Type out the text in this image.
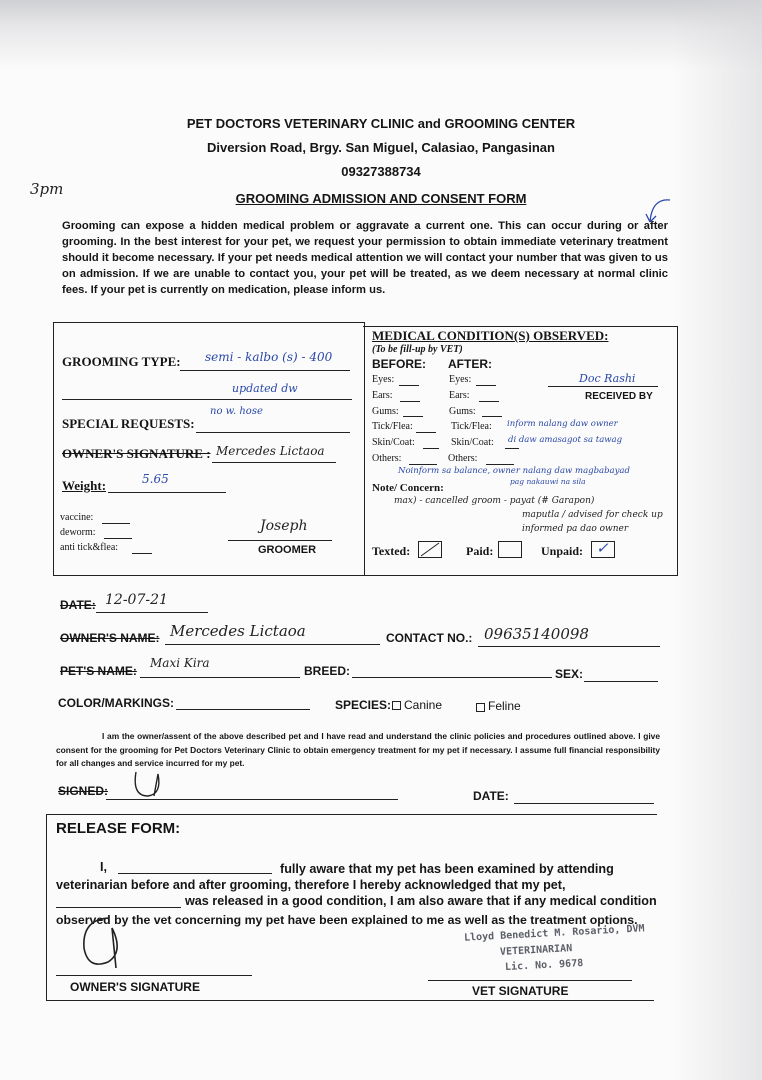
PET DOCTORS VETERINARY CLINIC and GROOMING CENTER
Diversion Road, Brgy. San Miguel, Calasiao, Pangasinan
09327388734
GROOMING ADMISSION AND CONSENT FORM
3pm
Grooming can expose a hidden medical problem or aggravate a current one. This can occur during or after grooming. In the best interest for your pet, we request your permission to obtain immediate veterinary treatment should it become necessary. If your pet needs medical attention we will contact your number that was given to us on admission. If we are unable to contact you, your pet will be treated, as we deem necessary at normal clinic fees. If your pet is currently on medication, please inform us.
GROOMING TYPE: semi - kalbo (s) - 400
updated dw
SPECIAL REQUESTS:
no w. hose
OWNER'S SIGNATURE : Mercedes Lictaoa
Weight:	5.65
vaccine:
deworm:
anti tick&flea:
Joseph
GROOMER
MEDICAL CONDITION(S) OBSERVED:
(To be fill-up by VET)
BEFORE: AFTER:
Eyes:	Eyes:
Ears:	Ears:
Gums:	Gums:
Tick/Flea:	Tick/Flea:
Skin/Coat:	Skin/Coat:
Others:	Others:
Doc Rashi
RECEIVED BY
inform nalang daw owner
di daw amasagot sa tawag
Noinform sa balance, owner nalang daw magbabayad
pag nakauwi na sila
Note/ Concern:
max) - cancelled groom - payat (# Garapon)
maputla / advised for check up
informed pa dao owner
Texted:	Paid:	Unpaid: ✓
DATE: 12-07-21
OWNER'S NAME: Mercedes Lictaoa	CONTACT NO.: 09635140098
PET'S NAME:
Maxi Kira
BREED:	SEX:
COLOR/MARKINGS:	SPECIES: Canine	Feline
I am the owner/assent of the above described pet and I have read and understand the clinic policies and procedures outlined above. I give consent for the grooming for Pet Doctors Veterinary Clinic to obtain emergency treatment for my pet if necessary. I assume full financial responsibility for all changes and service incurred for my pet.
SIGNED:	DATE:
RELEASE FORM:
I,	fully aware that my pet has been examined by attending
veterinarian before and after grooming, therefore I hereby acknowledged that my pet,
was released in a good condition, I am also aware that if any medical condition
observed by the vet concerning my pet have been explained to me as well as the treatment options.
Lloyd Benedict M. Rosario, DVM
VETERINARIAN
Lic. No. 9678
OWNER'S SIGNATURE	VET SIGNATURE
